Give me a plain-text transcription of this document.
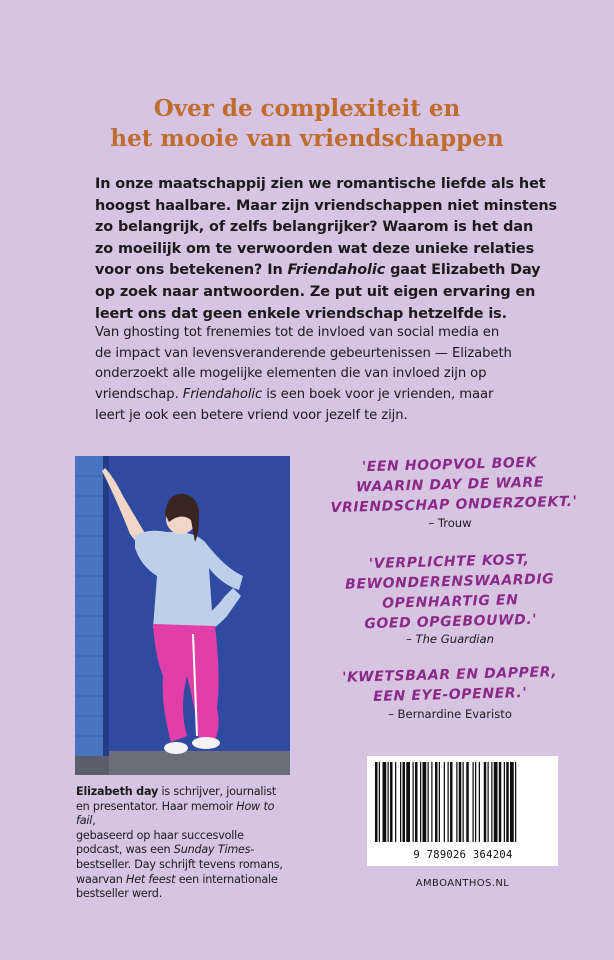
Over de complexiteit en
het mooie van vriendschappen
In onze maatschappij zien we romantische liefde als het
hoogst haalbare. Maar zijn vriendschappen niet minstens
zo belangrijk, of zelfs belangrijker? Waarom is het dan
zo moeilijk om te verwoorden wat deze unieke relaties
voor ons betekenen? In Friendaholic gaat Elizabeth Day
op zoek naar antwoorden. Ze put uit eigen ervaring en
leert ons dat geen enkele vriendschap hetzelfde is.
Van ghosting tot frenemies tot de invloed van social media en
de impact van levensveranderende gebeurtenissen — Elizabeth
onderzoekt alle mogelijke elementen die van invloed zijn op
vriendschap. Friendaholic is een boek voor je vrienden, maar
leert je ook een betere vriend voor jezelf te zijn.
Elizabeth day is schrijver, journalist
en presentator. Haar memoir How to
fail,
gebaseerd op haar succesvolle
podcast, was een Sunday Times-
bestseller. Day schrijft tevens romans,
waarvan Het feest een internationale
bestseller werd.
'EEN HOOPVOL BOEK
WAARIN DAY DE WARE
VRIENDSCHAP ONDERZOEKT.'
– Trouw
'VERPLICHTE KOST,
BEWONDERENSWAARDIG
OPENHARTIG EN
GOED OPGEBOUWD.'
– The Guardian
'KWETSBAAR EN DAPPER,
EEN EYE-OPENER.'
– Bernardine Evaristo
9 789026 364204
AMBOANTHOS.NL
